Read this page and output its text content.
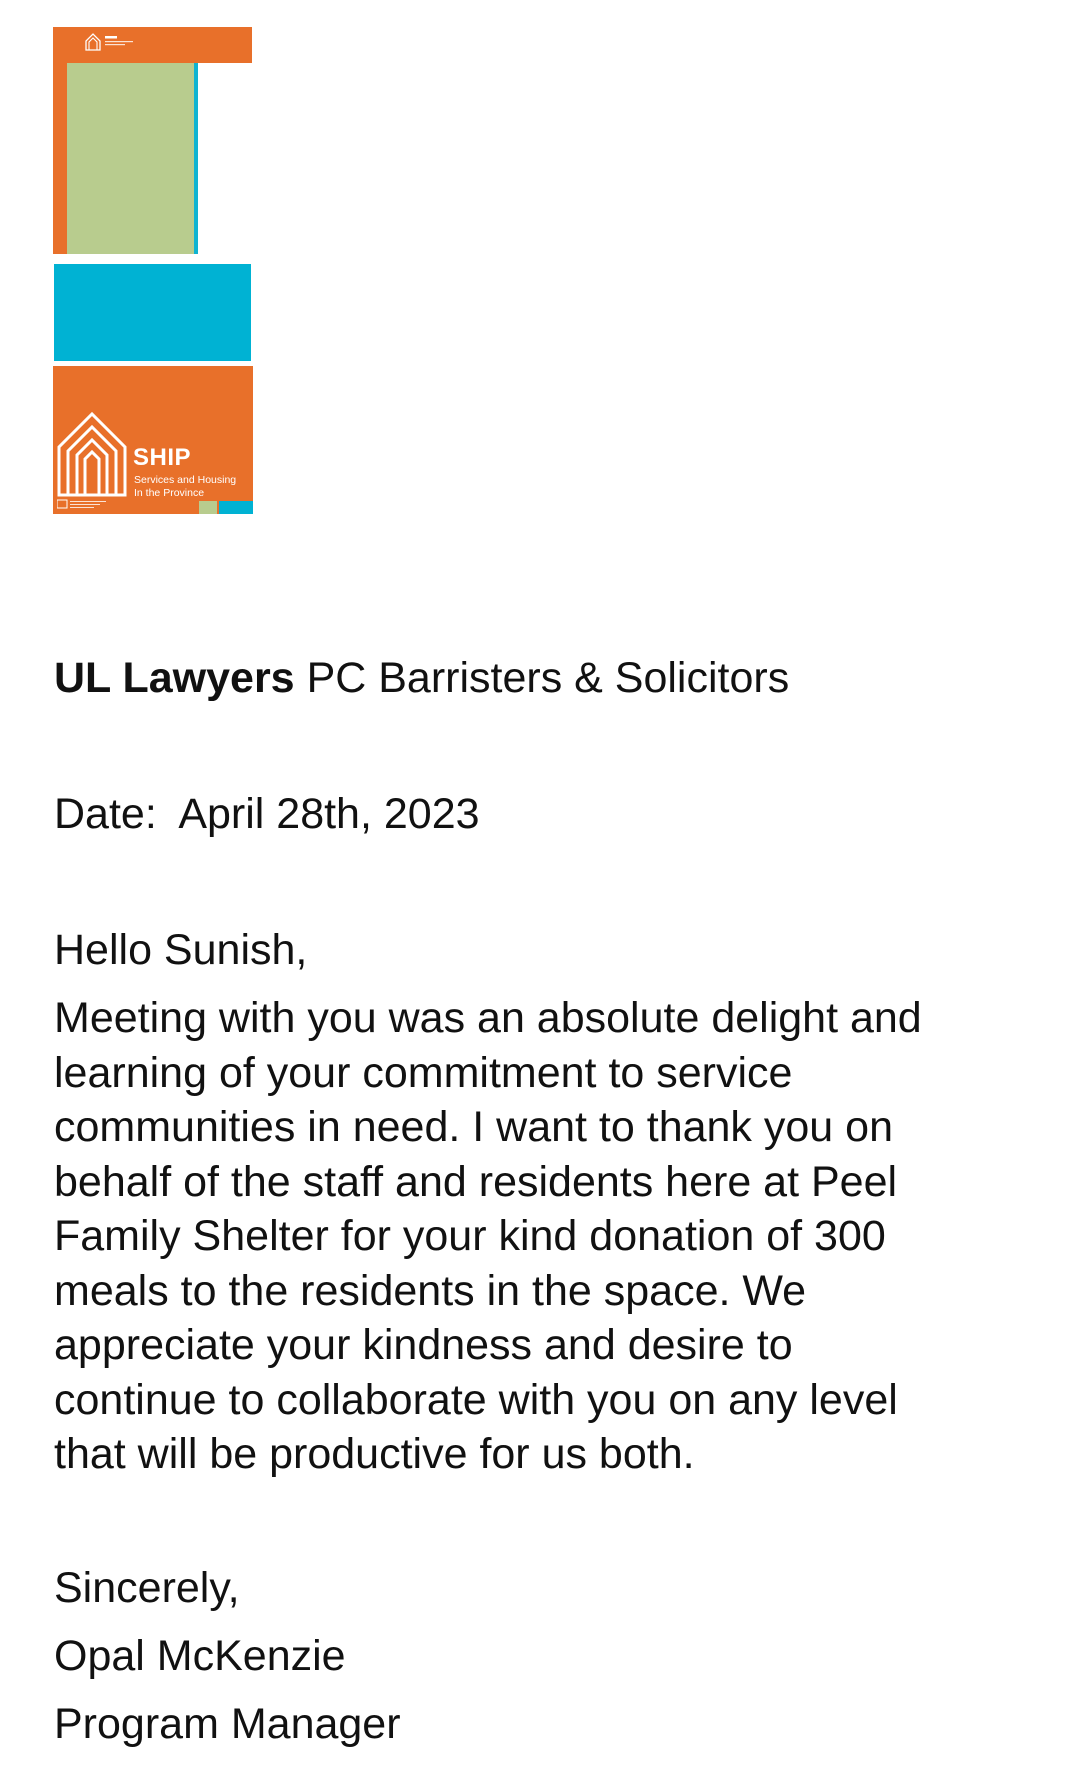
SHIP
Services and Housing
In the Province
UL Lawyers PC Barristers & Solicitors
Date: April 28th, 2023
Hello Sunish,
Meeting with you was an absolute delight and
learning of your commitment to service
communities in need. I want to thank you on
behalf of the staff and residents here at Peel
Family Shelter for your kind donation of 300
meals to the residents in the space. We
appreciate your kindness and desire to
continue to collaborate with you on any level
that will be productive for us both.
Sincerely,
Opal McKenzie
Program Manager
